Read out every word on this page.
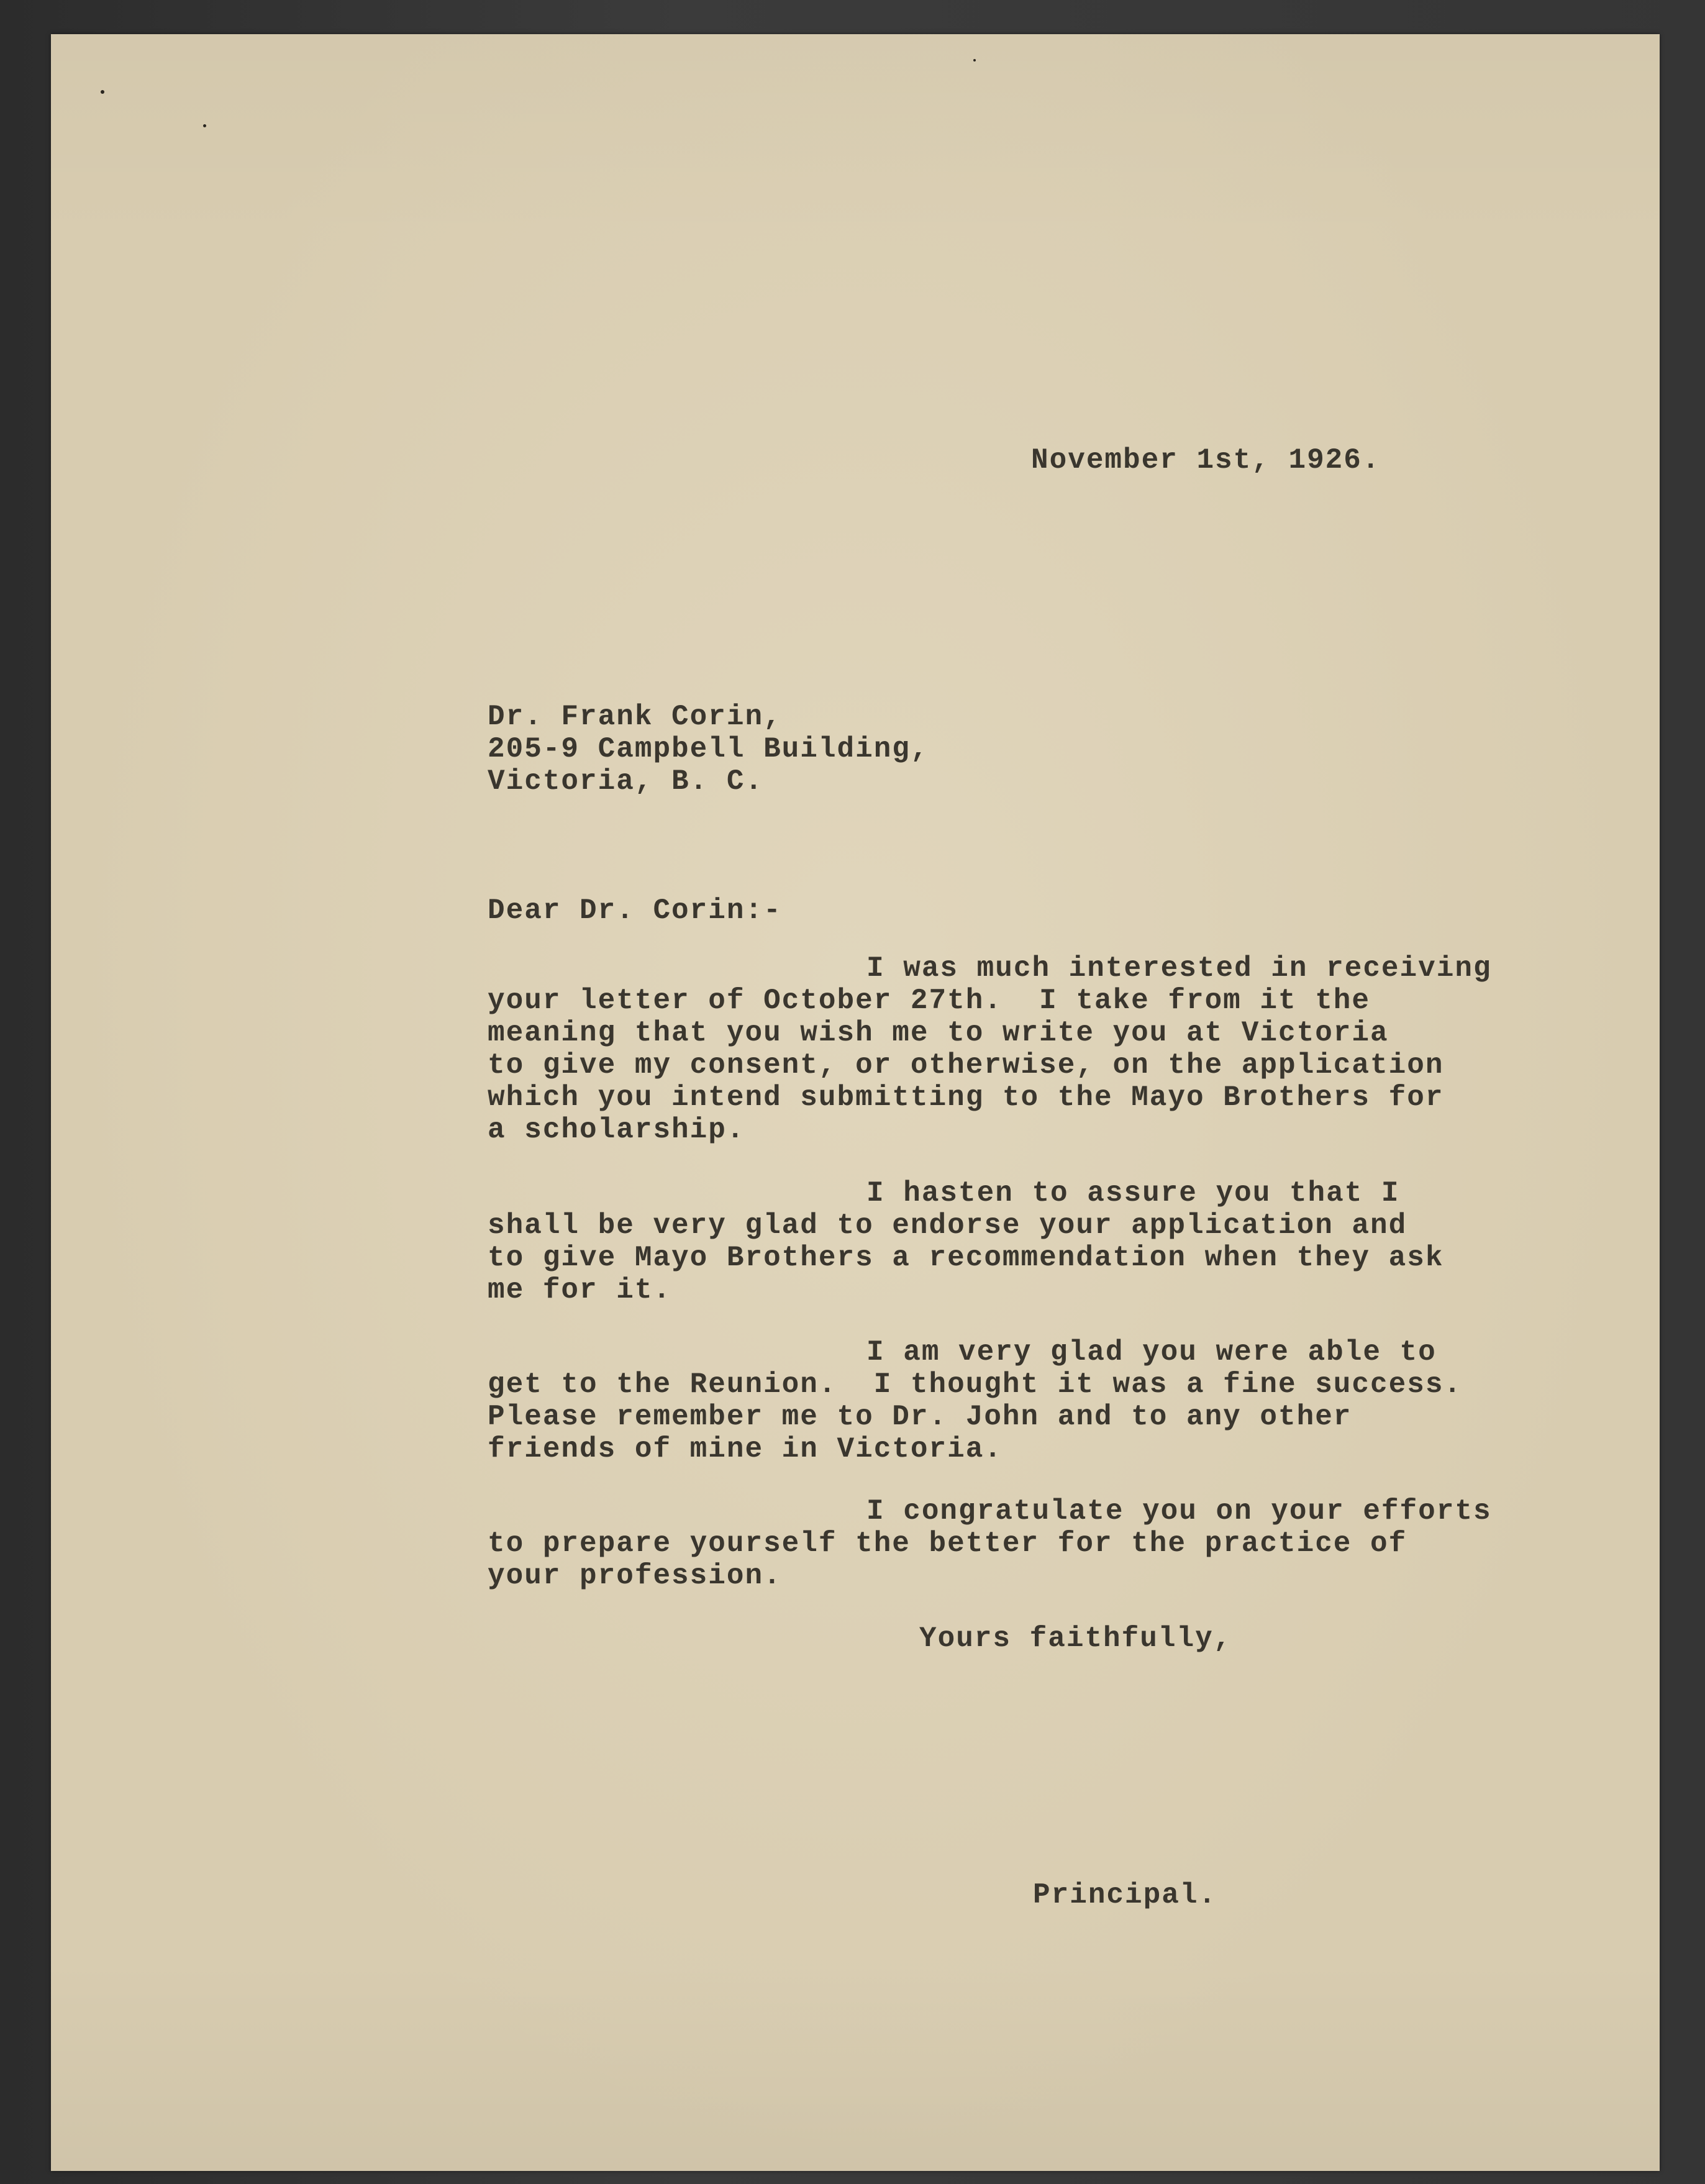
November 1st, 1926.
Dr. Frank Corin,
205-9 Campbell Building,
Victoria, B. C.
Dear Dr. Corin:-
I was much interested in receiving
your letter of October 27th.  I take from it the
meaning that you wish me to write you at Victoria
to give my consent, or otherwise, on the application
which you intend submitting to the Mayo Brothers for
a scholarship.
I hasten to assure you that I
shall be very glad to endorse your application and
to give Mayo Brothers a recommendation when they ask
me for it.
I am very glad you were able to
get to the Reunion.  I thought it was a fine success.
Please remember me to Dr. John and to any other
friends of mine in Victoria.
I congratulate you on your efforts
to prepare yourself the better for the practice of
your profession.
Yours faithfully,
Principal.
